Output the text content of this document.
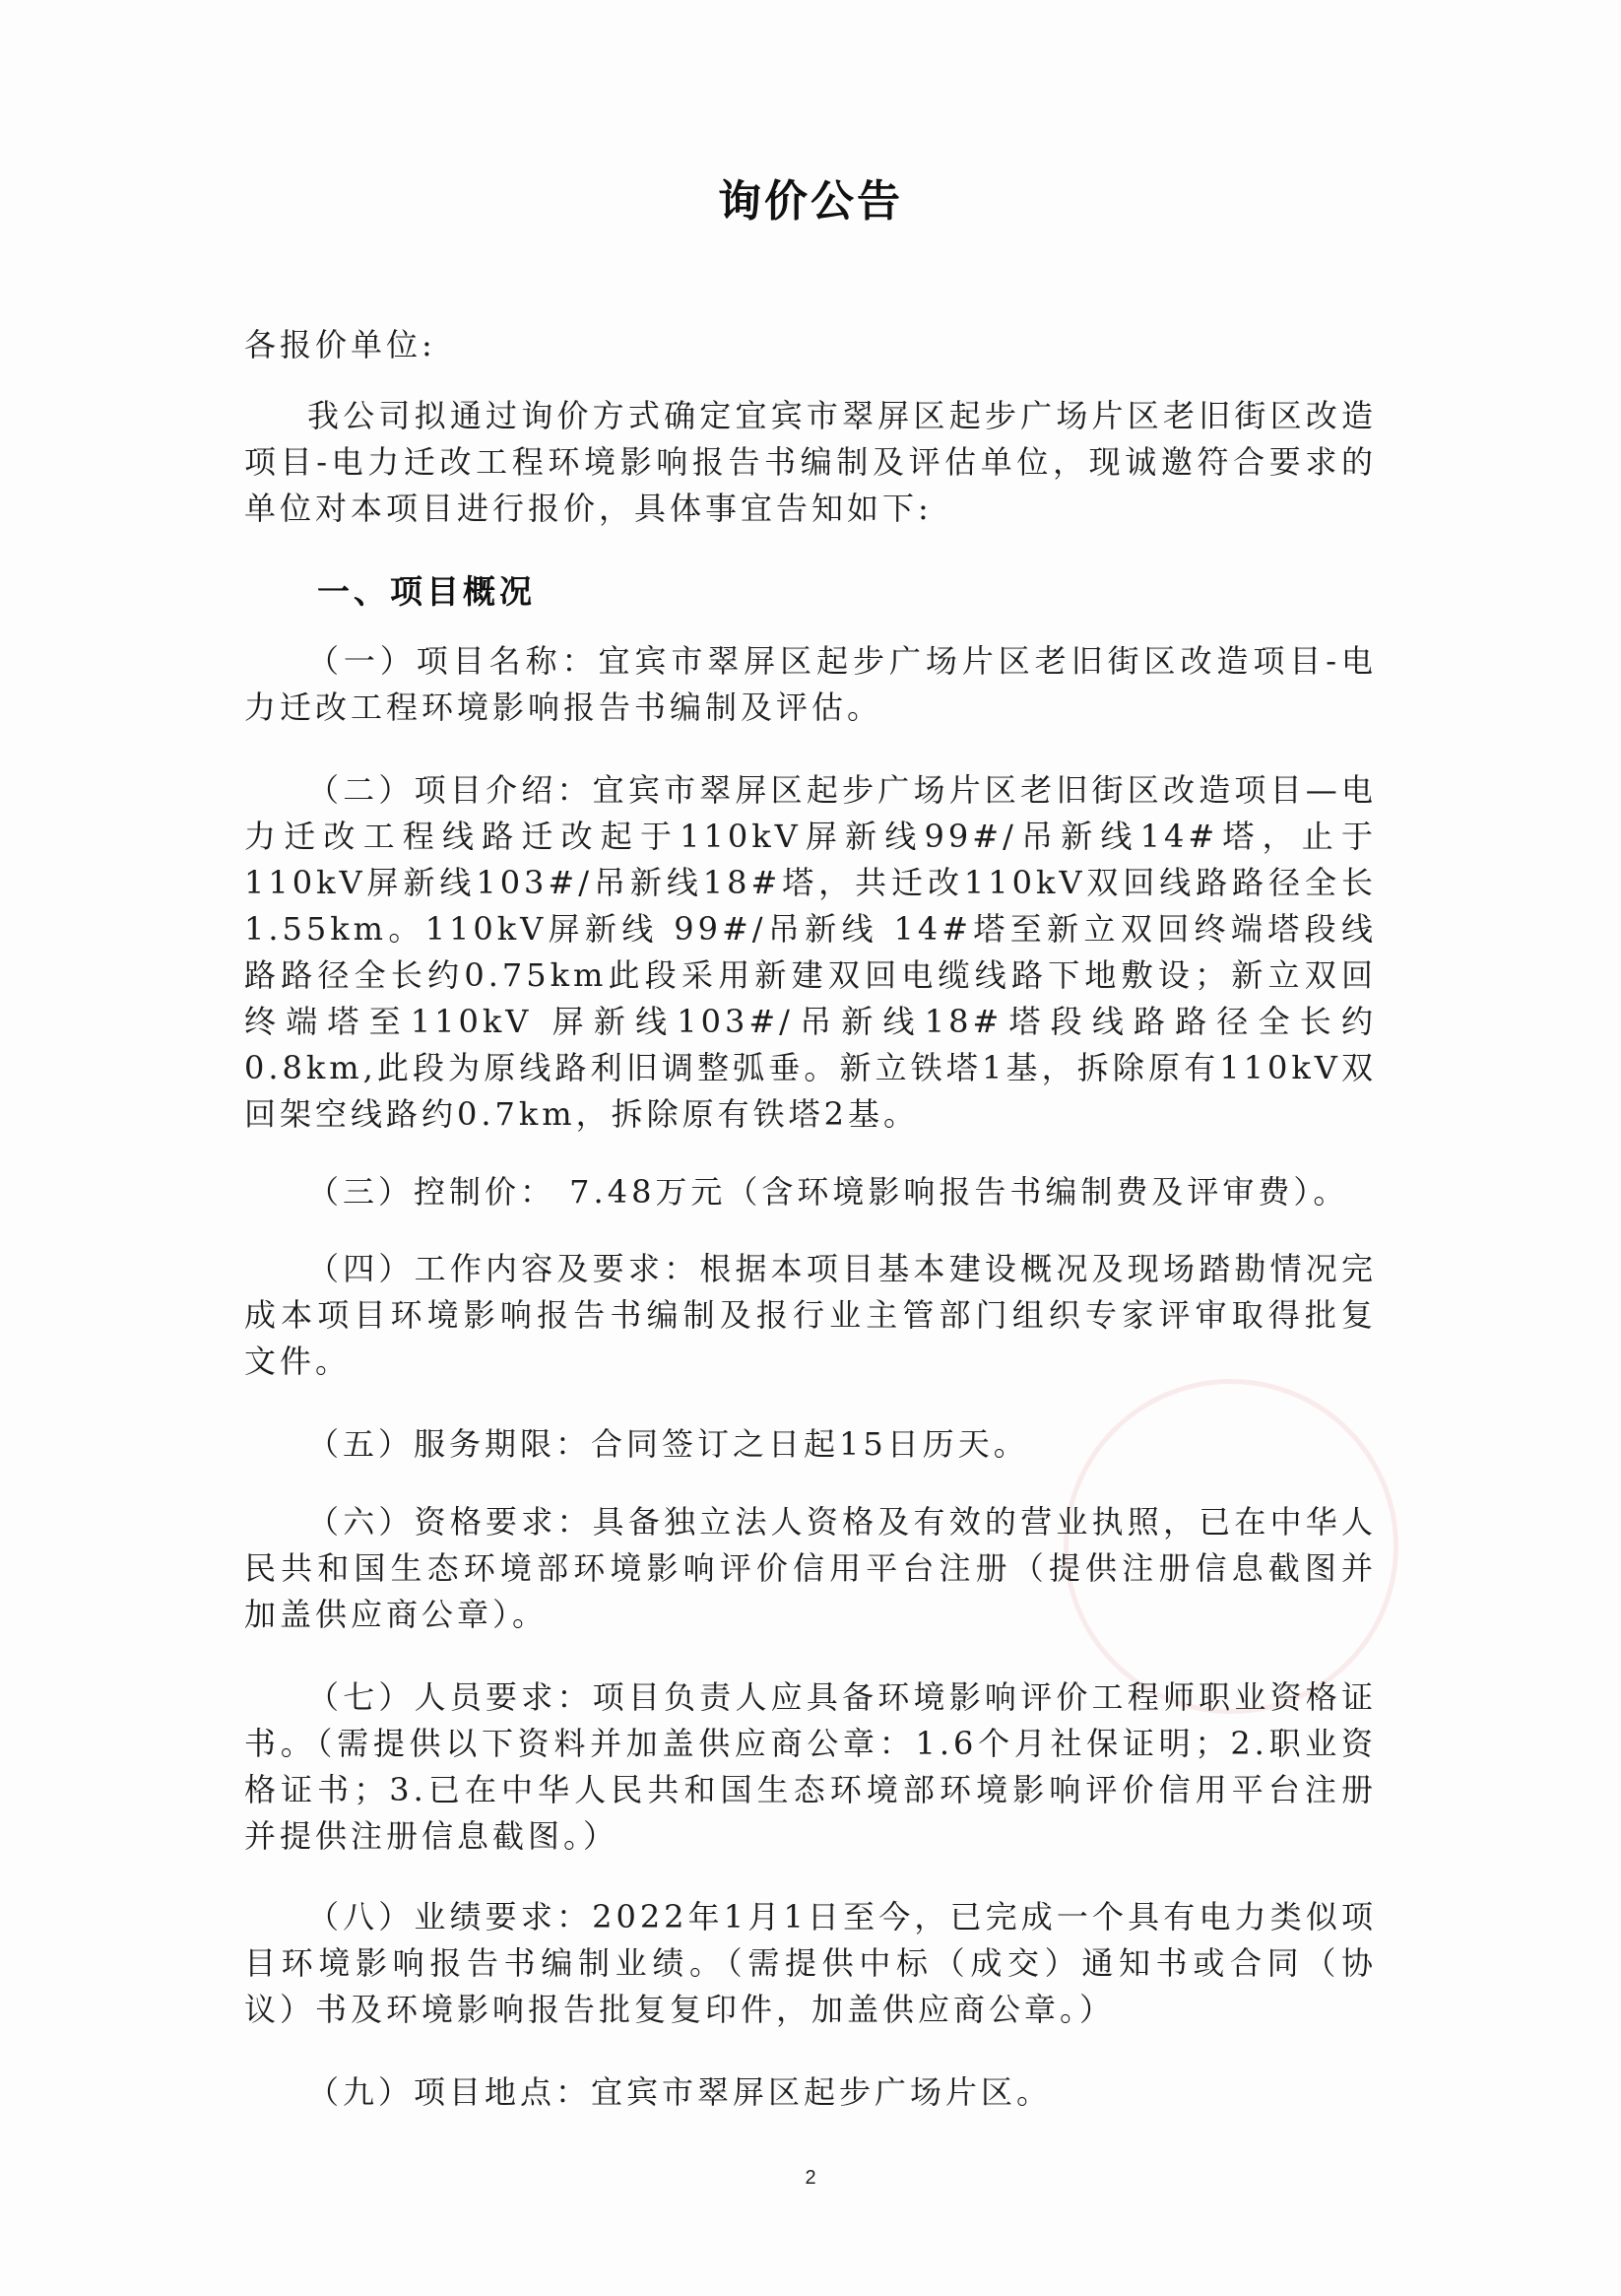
询价公告
各报价单位:
我公司拟通过询价方式确定宜宾市翠屏区起步广场片区老旧街区改造项目-电力迁改工程环境影响报告书编制及评估单位，现诚邀符合要求的单位对本项目进行报价，具体事宜告知如下:
一、项目概况
（一）项目名称：宜宾市翠屏区起步广场片区老旧街区改造项目-电力迁改工程环境影响报告书编制及评估。
（二）项目介绍：宜宾市翠屏区起步广场片区老旧街区改造项目—电力迁改工程线路迁改起于110kV屏新线99#/吊新线14#塔，止于110kV屏新线103#/吊新线18#塔，共迁改110kV双回线路路径全长1.55km。110kV屏新线 99#/吊新线 14#塔至新立双回终端塔段线路路径全长约0.75km此段采用新建双回电缆线路下地敷设；新立双回终端塔至110kV 屏新线103#/吊新线18#塔段线路路径全长约0.8km,此段为原线路利旧调整弧垂。新立铁塔1基，拆除原有110kV双回架空线路约0.7km，拆除原有铁塔2基。
（三）控制价： 7.48万元（含环境影响报告书编制费及评审费）。
（四）工作内容及要求：根据本项目基本建设概况及现场踏勘情况完成本项目环境影响报告书编制及报行业主管部门组织专家评审取得批复文件。
（五）服务期限：合同签订之日起15日历天。
（六）资格要求：具备独立法人资格及有效的营业执照，已在中华人民共和国生态环境部环境影响评价信用平台注册（提供注册信息截图并加盖供应商公章）。
（七）人员要求：项目负责人应具备环境影响评价工程师职业资格证书。（需提供以下资料并加盖供应商公章：1.6个月社保证明；2.职业资格证书；3.已在中华人民共和国生态环境部环境影响评价信用平台注册并提供注册信息截图。）
（八）业绩要求：2022年1月1日至今，已完成一个具有电力类似项目环境影响报告书编制业绩。（需提供中标（成交）通知书或合同（协议）书及环境影响报告批复复印件，加盖供应商公章。）
（九）项目地点：宜宾市翠屏区起步广场片区。
2
